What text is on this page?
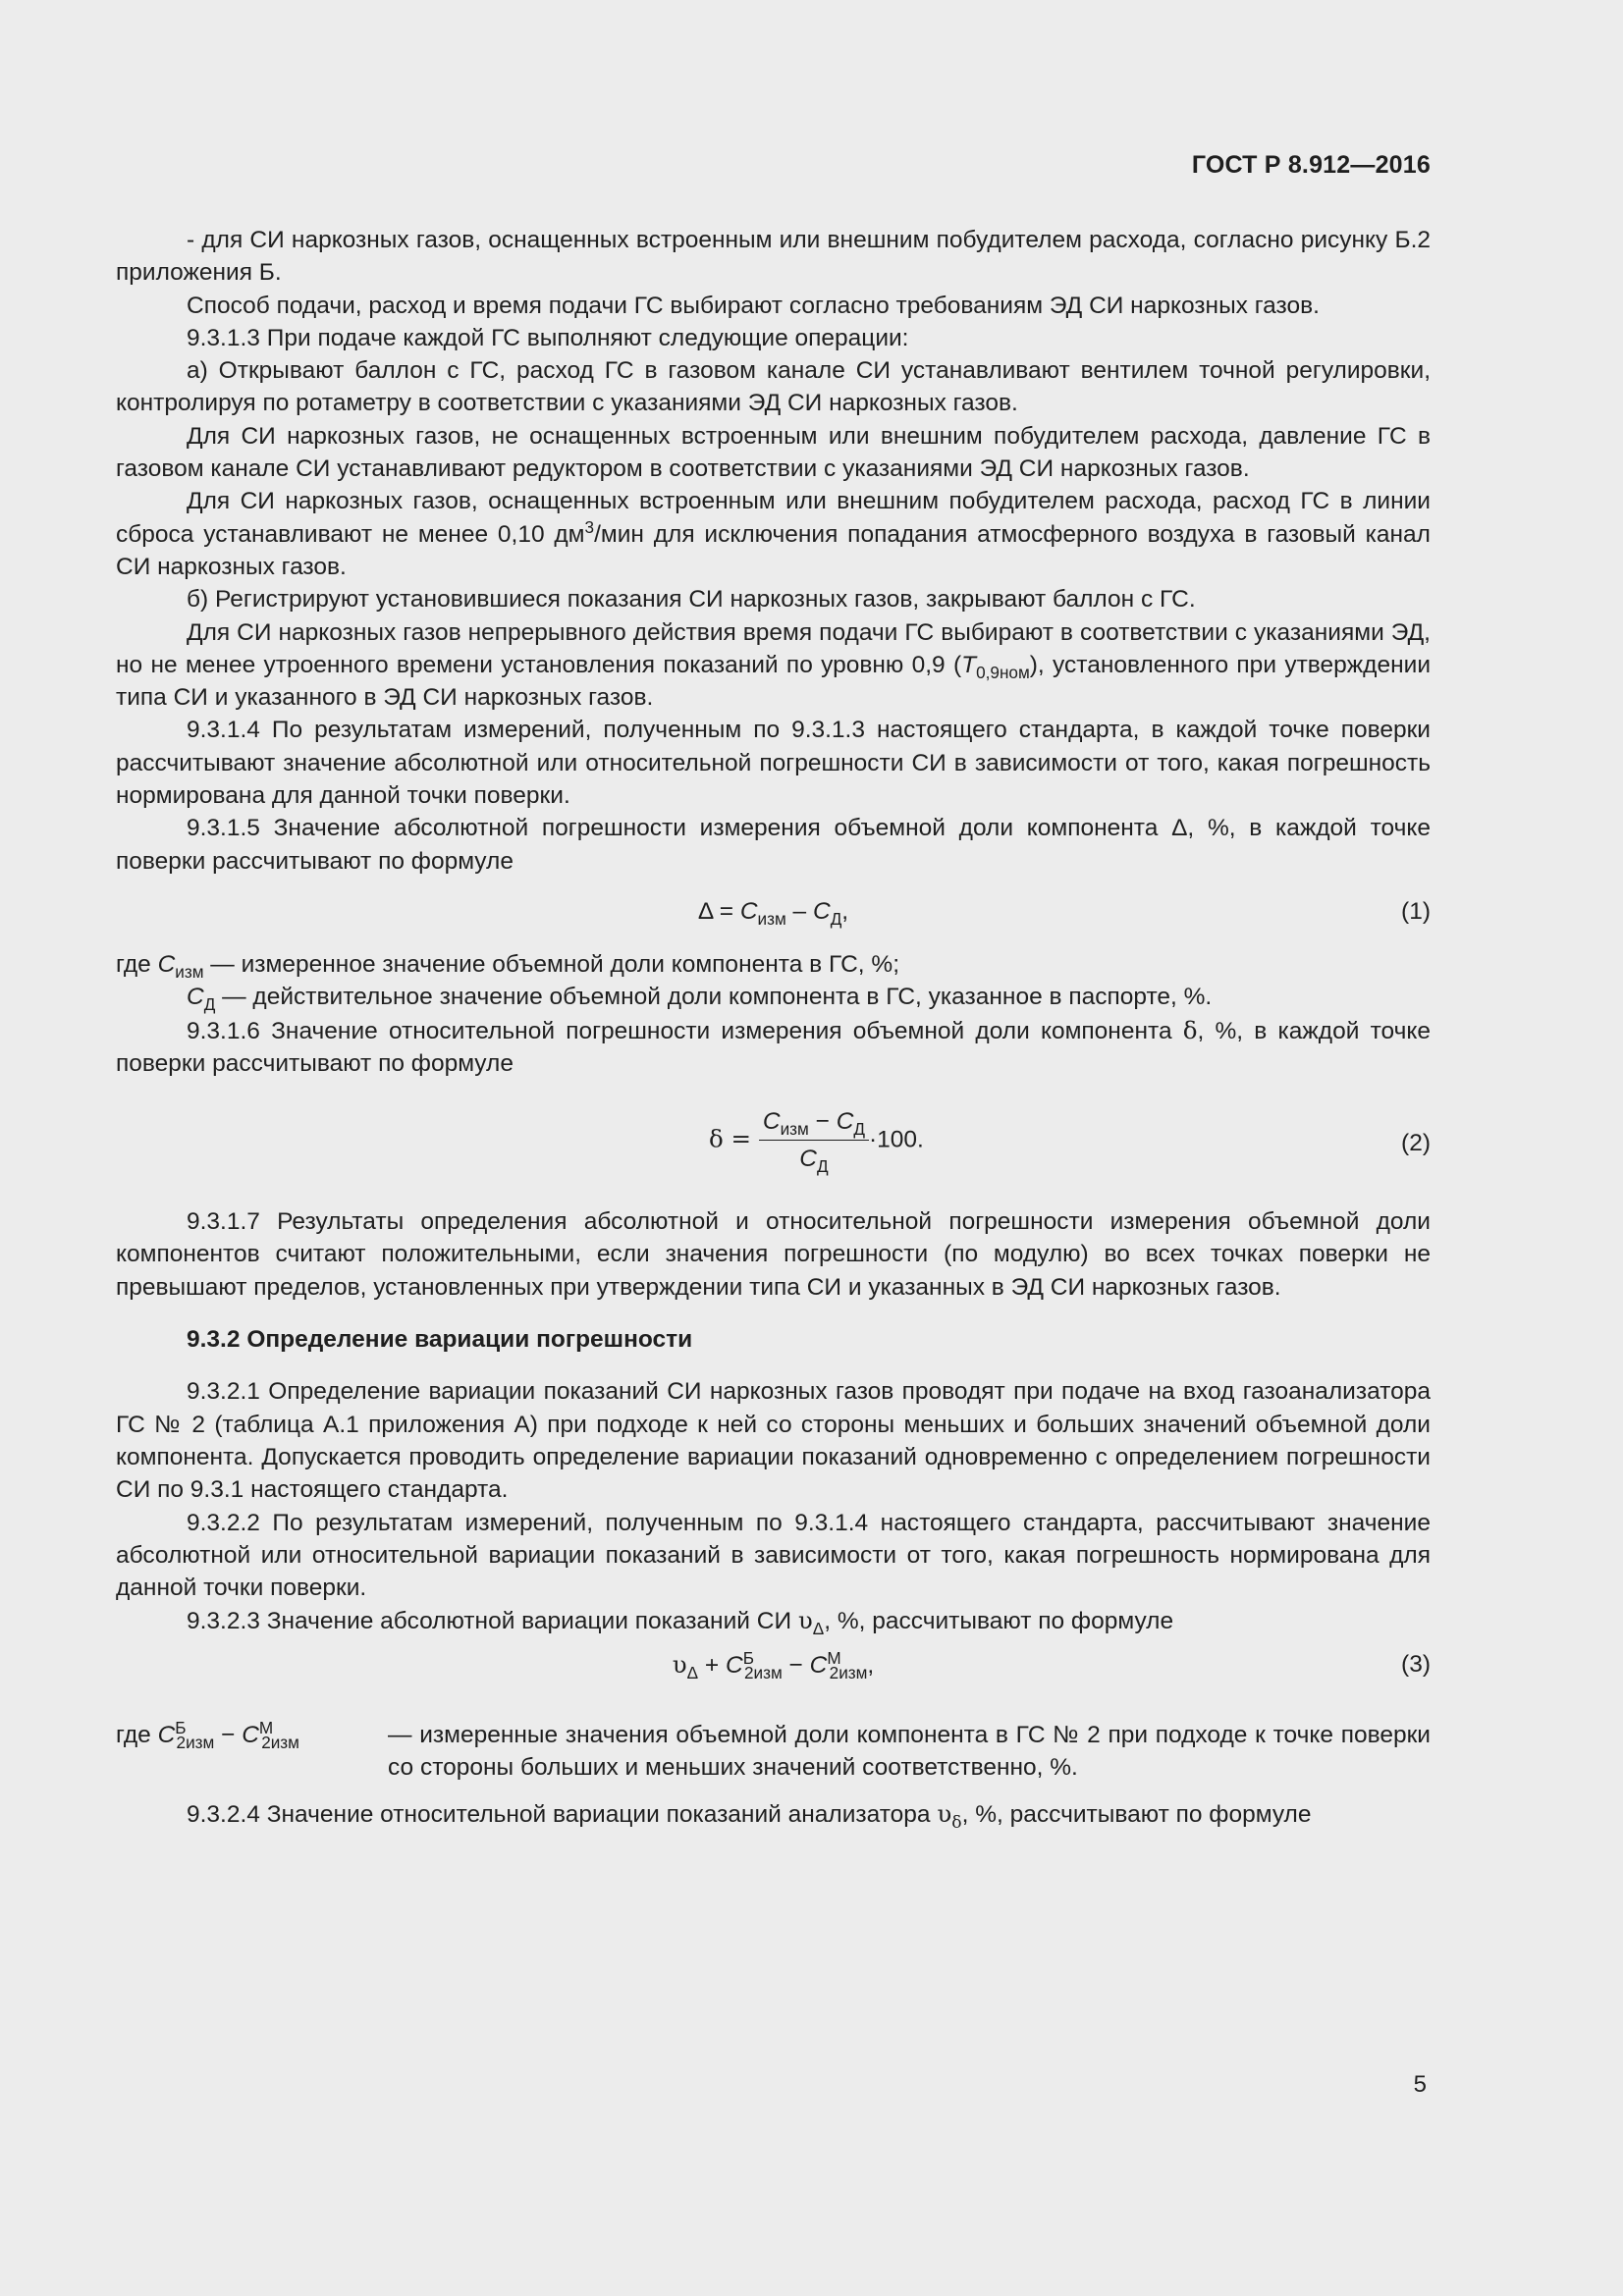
ГОСТ Р 8.912—2016

- для СИ наркозных газов, оснащенных встроенным или внешним побудителем расхода, согласно рисунку Б.2 приложения Б.

Способ подачи, расход и время подачи ГС выбирают согласно требованиям ЭД СИ наркозных газов.

9.3.1.3 При подаче каждой ГС выполняют следующие операции:

а) Открывают баллон с ГС, расход ГС в газовом канале СИ устанавливают вентилем точной регулировки, контролируя по ротаметру в соответствии с указаниями ЭД СИ наркозных газов.

Для СИ наркозных газов, не оснащенных встроенным или внешним побудителем расхода, давление ГС в газовом канале СИ устанавливают редуктором в соответствии с указаниями ЭД СИ наркозных газов.

Для СИ наркозных газов, оснащенных встроенным или внешним побудителем расхода, расход ГС в линии сброса устанавливают не менее 0,10 $дм^3$/мин для исключения попадания атмосферного воздуха в газовый канал СИ наркозных газов.

б) Регистрируют установившиеся показания СИ наркозных газов, закрывают баллон с ГС.

Для СИ наркозных газов непрерывного действия время подачи ГС выбирают в соответствии с указаниями ЭД, но не менее утроенного времени установления показаний по уровню 0,9 $(T_{0,9ном})$, установленного при утверждении типа СИ и указанного в ЭД СИ наркозных газов.

9.3.1.4 По результатам измерений, полученным по 9.3.1.3 настоящего стандарта, в каждой точке поверки рассчитывают значение абсолютной или относительной погрешности СИ в зависимости от того, какая погрешность нормирована для данной точки поверки.

9.3.1.5 Значение абсолютной погрешности измерения объемной доли компонента Δ, %, в каждой точке поверки рассчитывают по формуле

$\Delta = C_{изм} - C_Д$,	(1)

где $C_{изм}$ — измеренное значение объемной доли компонента в ГС, %;

$C_Д$ — действительное значение объемной доли компонента в ГС, указанное в паспорте, %.

9.3.1.6 Значение относительной погрешности измерения объемной доли компонента δ, %, в каждой точке поверки рассчитывают по формуле

$\delta = \frac{C_{изм} - C_Д}{C_Д} \cdot 100$.	(2)

9.3.1.7 Результаты определения абсолютной и относительной погрешности измерения объемной доли компонентов считают положительными, если значения погрешности (по модулю) во всех точках поверки не превышают пределов, установленных при утверждении типа СИ и указанных в ЭД СИ наркозных газов.

9.3.2 Определение вариации погрешности

9.3.2.1 Определение вариации показаний СИ наркозных газов проводят при подаче на вход газоанализатора ГС № 2 (таблица А.1 приложения А) при подходе к ней со стороны меньших и больших значений объемной доли компонента. Допускается проводить определение вариации показаний одновременно с определением погрешности СИ по 9.3.1 настоящего стандарта.

9.3.2.2 По результатам измерений, полученным по 9.3.1.4 настоящего стандарта, рассчитывают значение абсолютной или относительной вариации показаний в зависимости от того, какая погрешность нормирована для данной точки поверки.

9.3.2.3 Значение абсолютной вариации показаний СИ $\upsilon_\Delta$, %, рассчитывают по формуле

$\upsilon_\Delta + C^Б_{2изм} - C^М_{2изм}$,	(3)
где $C^Б_{2изм} - C^М_{2изм}$	— измеренные значения объемной доли компонента в ГС № 2 при подходе к точке поверки со стороны больших и меньших значений соответственно, %.

9.3.2.4 Значение относительной вариации показаний анализатора $\upsilon_\delta$, %, рассчитывают по формуле

5
